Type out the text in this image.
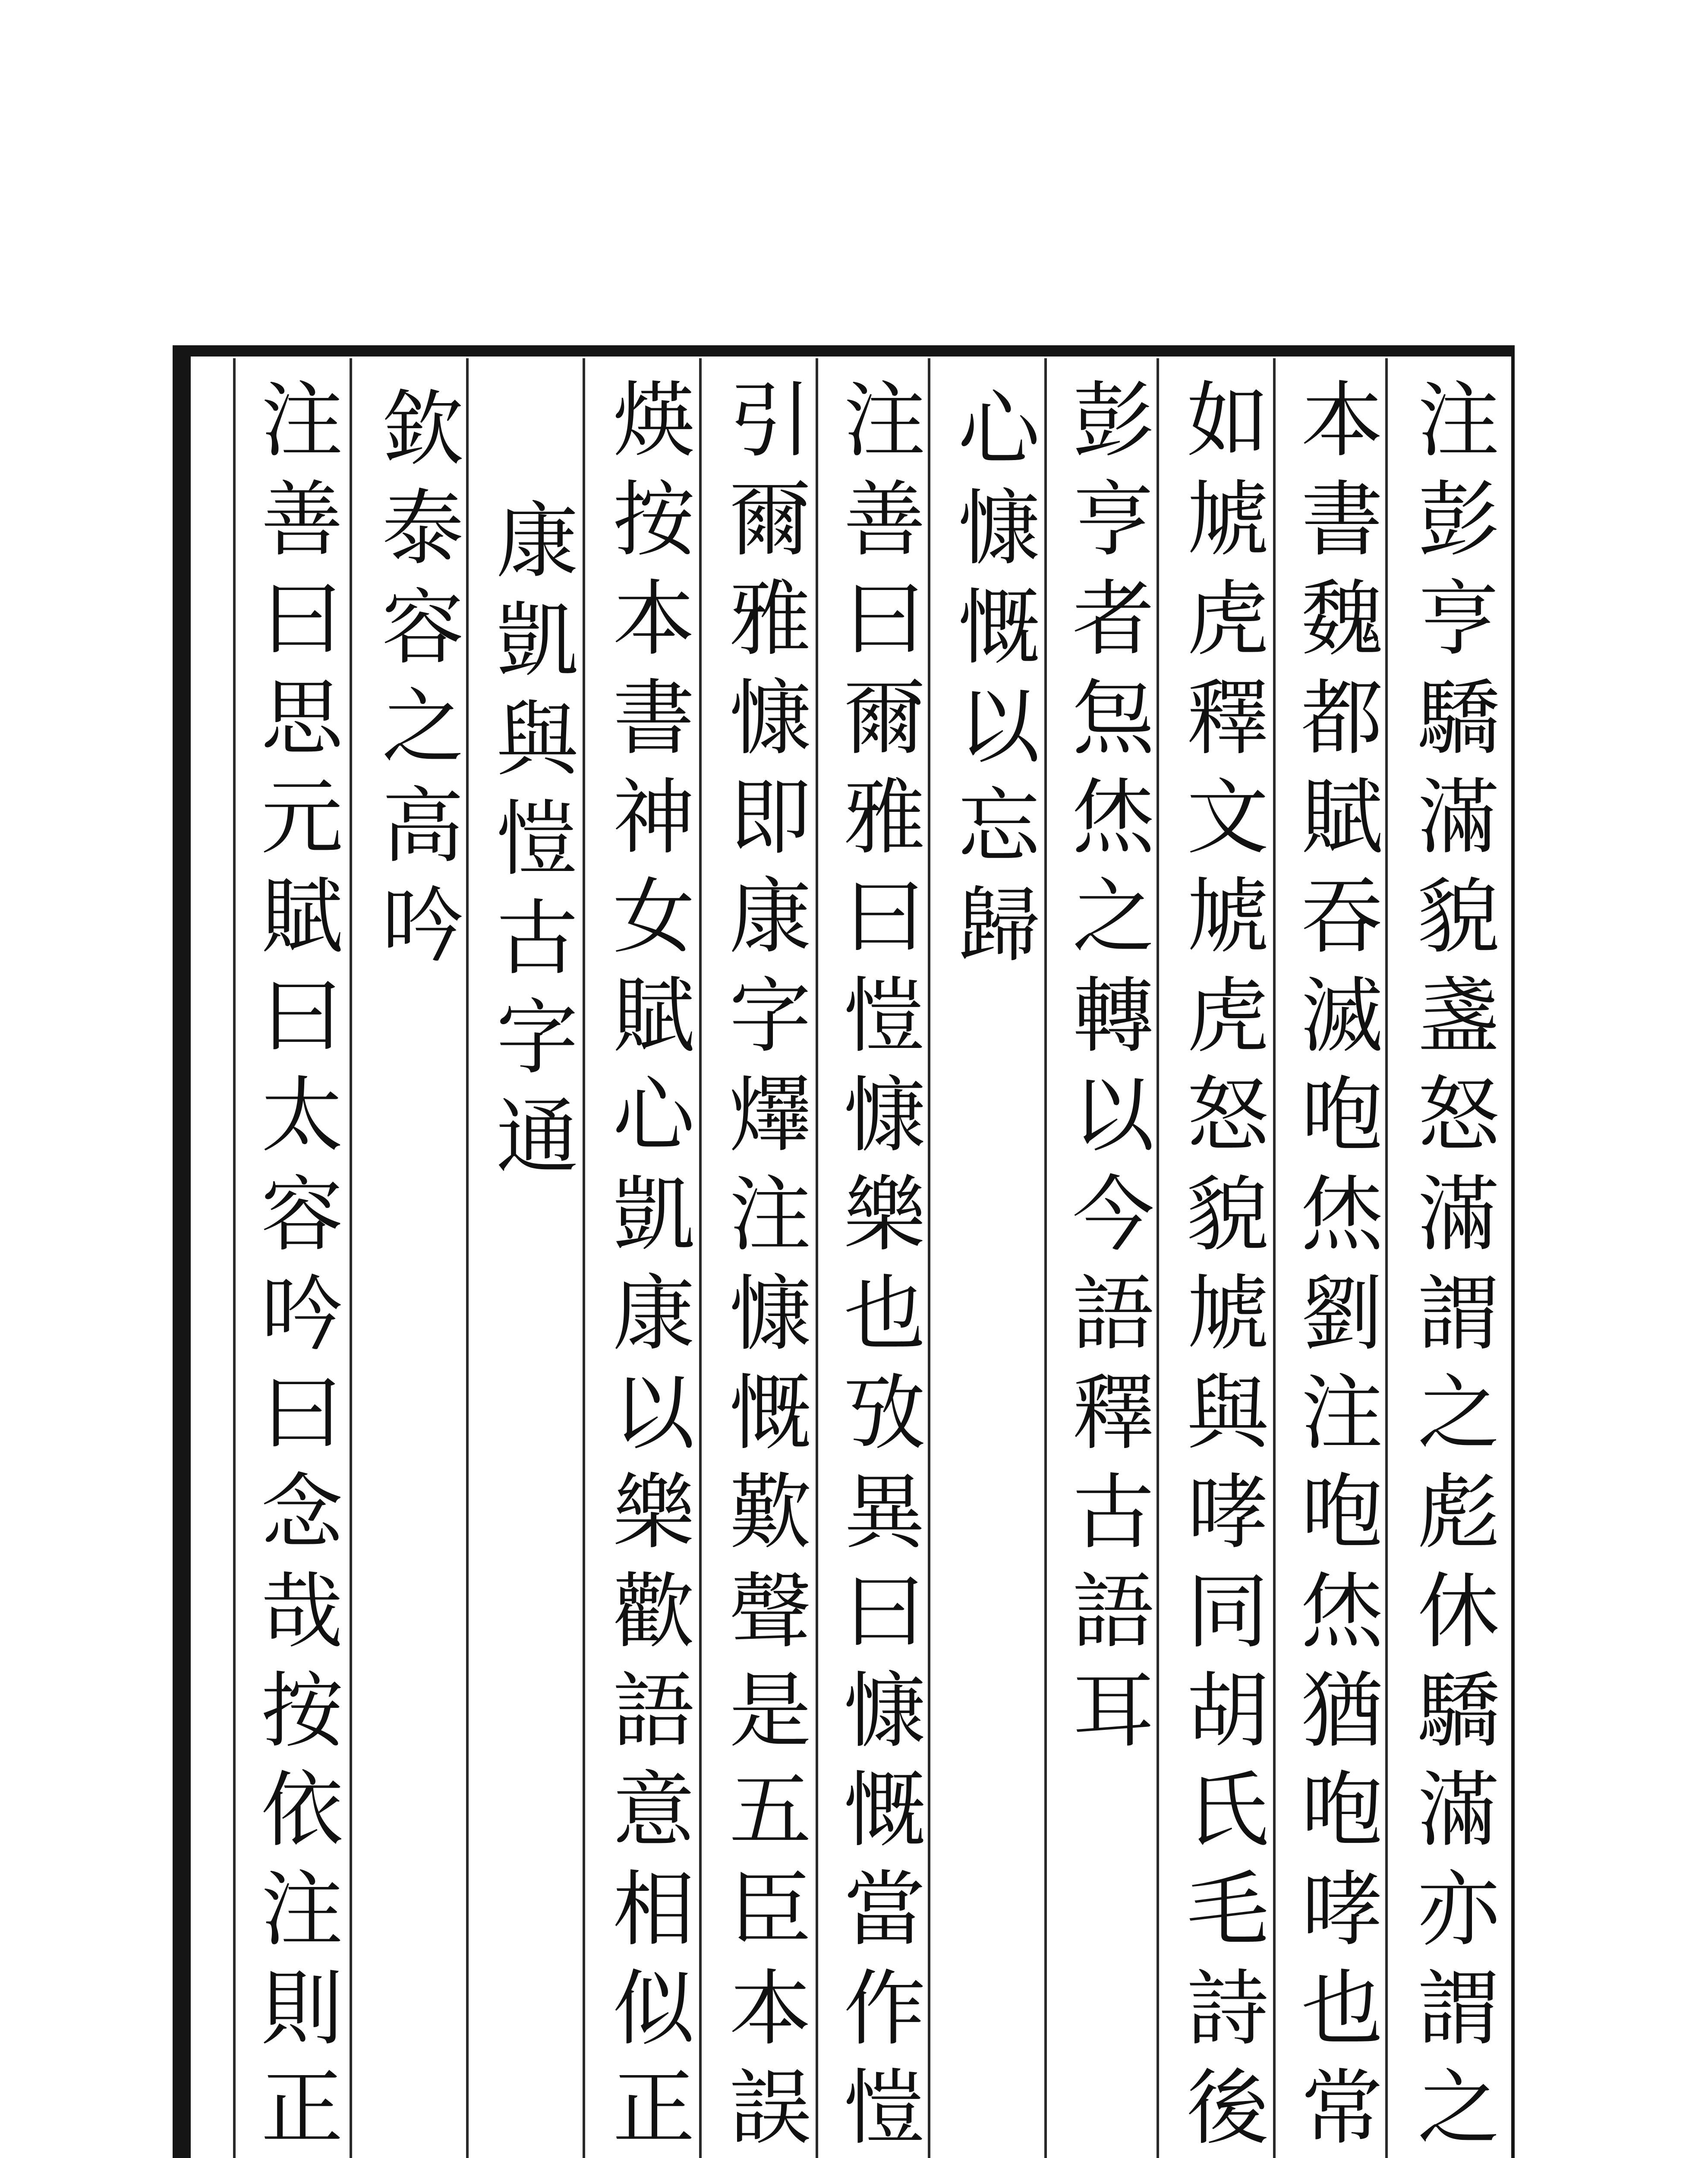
注
彭
亨
驕
滿
貌
盞
怒
滿
謂
之
彪
休
驕
滿
亦
謂
之
本
書
魏
都
賦
吞
滅
咆
烋
劉
注
咆
烋
猶
咆
哮
也
常
如
虓
虎
釋
文
虓
虎
怒
貌
虓
與
哮
同
胡
氏
毛
詩
後
彭
亨
者
炰
烋
之
轉
以
今
語
釋
古
語
耳
心
慷
慨
以
忘
歸
注
善
曰
爾
雅
曰
愷
慷
樂
也
攷
異
曰
慷
慨
當
作
愷
引
爾
雅
慷
即
康
字
𤒹
注
慷
慨
歎
聲
是
五
臣
本
誤
煐
按
本
書
神
女
賦
心
凱
康
以
樂
歡
語
意
相
似
正
康
凱
與
愷
古
字
通
欽
泰
容
之
高
吟
注
善
曰
思
元
賦
曰
太
容
吟
曰
念
哉
按
依
注
則
正
